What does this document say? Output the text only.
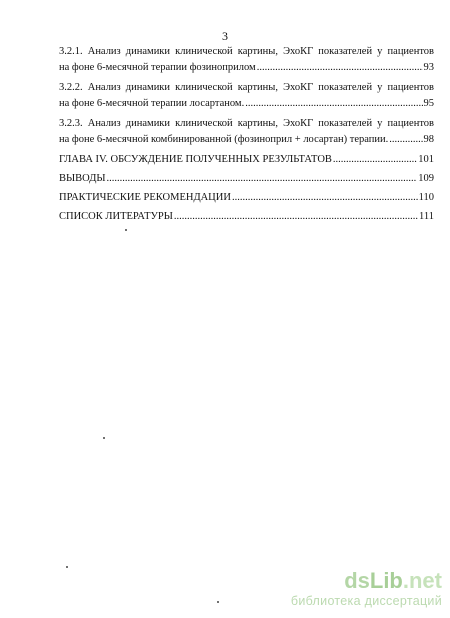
3
3.2.1. Анализ динамики клинической картины, ЭхоКГ показателей у пациентов
на фоне 6-месячной терапии фозиноприлом .....	93
3.2.2. Анализ динамики клинической картины, ЭхоКГ показателей у пациентов
на фоне 6-месячной терапии лосартаном. .....	95
3.2.3. Анализ динамики клинической картины, ЭхоКГ показателей у пациентов
на фоне 6-месячной комбинированной (фозиноприл + лосартан) терапии. .....	98
ГЛАВА IV. ОБСУЖДЕНИЕ ПОЛУЧЕННЫХ РЕЗУЛЬТАТОВ .....	101
ВЫВОДЫ .....	109
ПРАКТИЧЕСКИЕ РЕКОМЕНДАЦИИ .....	110
СПИСОК ЛИТЕРАТУРЫ .....	111
dsLib.net
библиотека диссертаций
